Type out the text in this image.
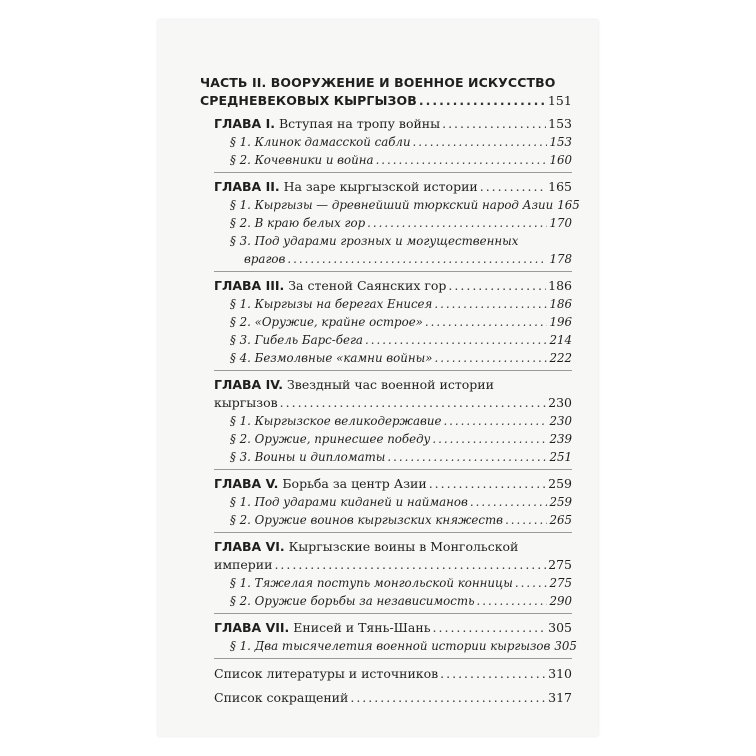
ЧАСТЬ II. ВООРУЖЕНИЕ И ВОЕННОЕ ИСКУССТВО
СРЕДНЕВЕКОВЫХ КЫРГЫЗОВ .....	151
ГЛАВА I. Вступая на тропу войны .....	153
§ 1. Клинок дамасской сабли .....	153
§ 2. Кочевники и война .....	160
ГЛАВА II. На заре кыргызской истории .....	165
§ 1. Кыргызы — древнейший тюркский народ Азии 165
§ 2. В краю белых гор .....	170
§ 3. Под ударами грозных и могущественных
врагов .....	178
ГЛАВА III. За стеной Саянских гор .....	186
§ 1. Кыргызы на берегах Енисея .....	186
§ 2. «Оружие, крайне острое» .....	196
§ 3. Гибель Барс-бега .....	214
§ 4. Безмолвные «камни войны» .....	222
ГЛАВА IV. Звездный час военной истории
кыргызов .....	230
§ 1. Кыргызское великодержавие .....	230
§ 2. Оружие, принесшее победу .....	239
§ 3. Воины и дипломаты .....	251
ГЛАВА V. Борьба за центр Азии .....	259
§ 1. Под ударами киданей и найманов .....	259
§ 2. Оружие воинов кыргызских княжеств .....	265
ГЛАВА VI. Кыргызские воины в Монгольской
империи .....	275
§ 1. Тяжелая поступь монгольской конницы .....	275
§ 2. Оружие борьбы за независимость .....	290
ГЛАВА VII. Енисей и Тянь-Шань .....	305
§ 1. Два тысячелетия военной истории кыргызов 305
Список литературы и источников .....	310
Список сокращений .....	317
